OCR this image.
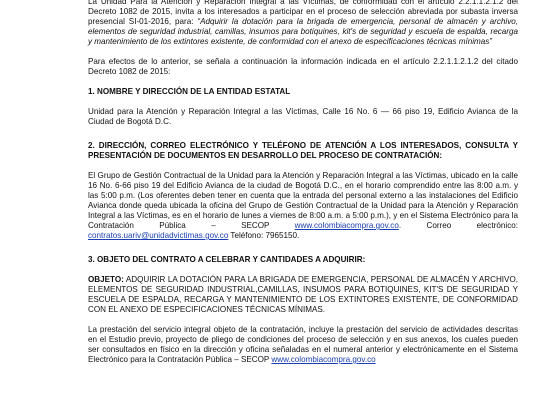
La Unidad Para la Atención y Reparación Integral a las Víctimas, de conformidad con el artículo 2.2.1.1.2.1.2 del Decreto 1082 de 2015, invita a los interesados a participar en el proceso de selección abreviada por subasta inversa presencial SI-01-2016, para: “Adquirir la dotación para la brigada de emergencia, personal de almacén y archivo, elementos de seguridad industrial, camillas, insumos para botiquines, kit's de seguridad y escuela de espalda, recarga y mantenimiento de los extintores existente, de conformidad con el anexo de especificaciones técnicas mínimas”

Para efectos de lo anterior, se señala a continuación la información indicada en el artículo 2.2.1.1.2.1.2 del citado Decreto 1082 de 2015:

1. NOMBRE Y DIRECCIÓN DE LA ENTIDAD ESTATAL

Unidad para la Atención y Reparación Integral a las Víctimas, Calle 16 No. 6 — 66 piso 19, Edificio Avianca de la Ciudad de Bogotá D.C.

2. DIRECCIÓN, CORREO ELECTRÓNICO Y TELÉFONO DE ATENCIÓN A LOS INTERESADOS, CONSULTA Y PRESENTACIÓN DE DOCUMENTOS EN DESARROLLO DEL PROCESO DE CONTRATACIÓN:

El Grupo de Gestión Contractual de la Unidad para la Atención y Reparación Integral a las Víctimas, ubicado en la calle 16 No. 6-66 piso 19 del Edificio Avianca de la ciudad de Bogotá D.C., en el horario comprendido entre las 8:00 a.m. y las 5:00 p.m. (Los oferentes deben tener en cuenta que la entrada del personal externo a las instalaciones del Edificio Avianca donde queda ubicada la oficina del Grupo de Gestión Contractual de la Unidad para la Atención y Reparación Integral a las Víctimas, es en el horario de lunes a viernes de 8:00 a.m. a 5:00 p.m.), y en el Sistema Electrónico para la Contratación Pública – SECOP www.colombiacompra.gov.co. Correo electrónico: contratos.uariv@unidadvictimas.gov.co Teléfono: 7965150.

3. OBJETO DEL CONTRATO A CELEBRAR Y CANTIDADES A ADQUIRIR:

OBJETO: ADQUIRIR LA DOTACIÓN PARA LA BRIGADA DE EMERGENCIA, PERSONAL DE ALMACÉN Y ARCHIVO, ELEMENTOS DE SEGURIDAD INDUSTRIAL,CAMILLAS, INSUMOS PARA BOTIQUINES, KIT'S DE SEGURIDAD Y ESCUELA DE ESPALDA, RECARGA Y MANTENIMIENTO DE LOS EXTINTORES EXISTENTE, DE CONFORMIDAD CON EL ANEXO DE ESPECIFICACIONES TÉCNICAS MÍNIMAS.

La prestación del servicio integral objeto de la contratación, incluye la prestación del servicio de actividades descritas en el Estudio previo, proyecto de pliego de condiciones del proceso de selección y en sus anexos, los cuales pueden ser consultados en físico en la dirección y oficina señaladas en el numeral anterior y electrónicamente en el Sistema Electrónico para la Contratación Pública – SECOP www.colombiacompra.gov.co
